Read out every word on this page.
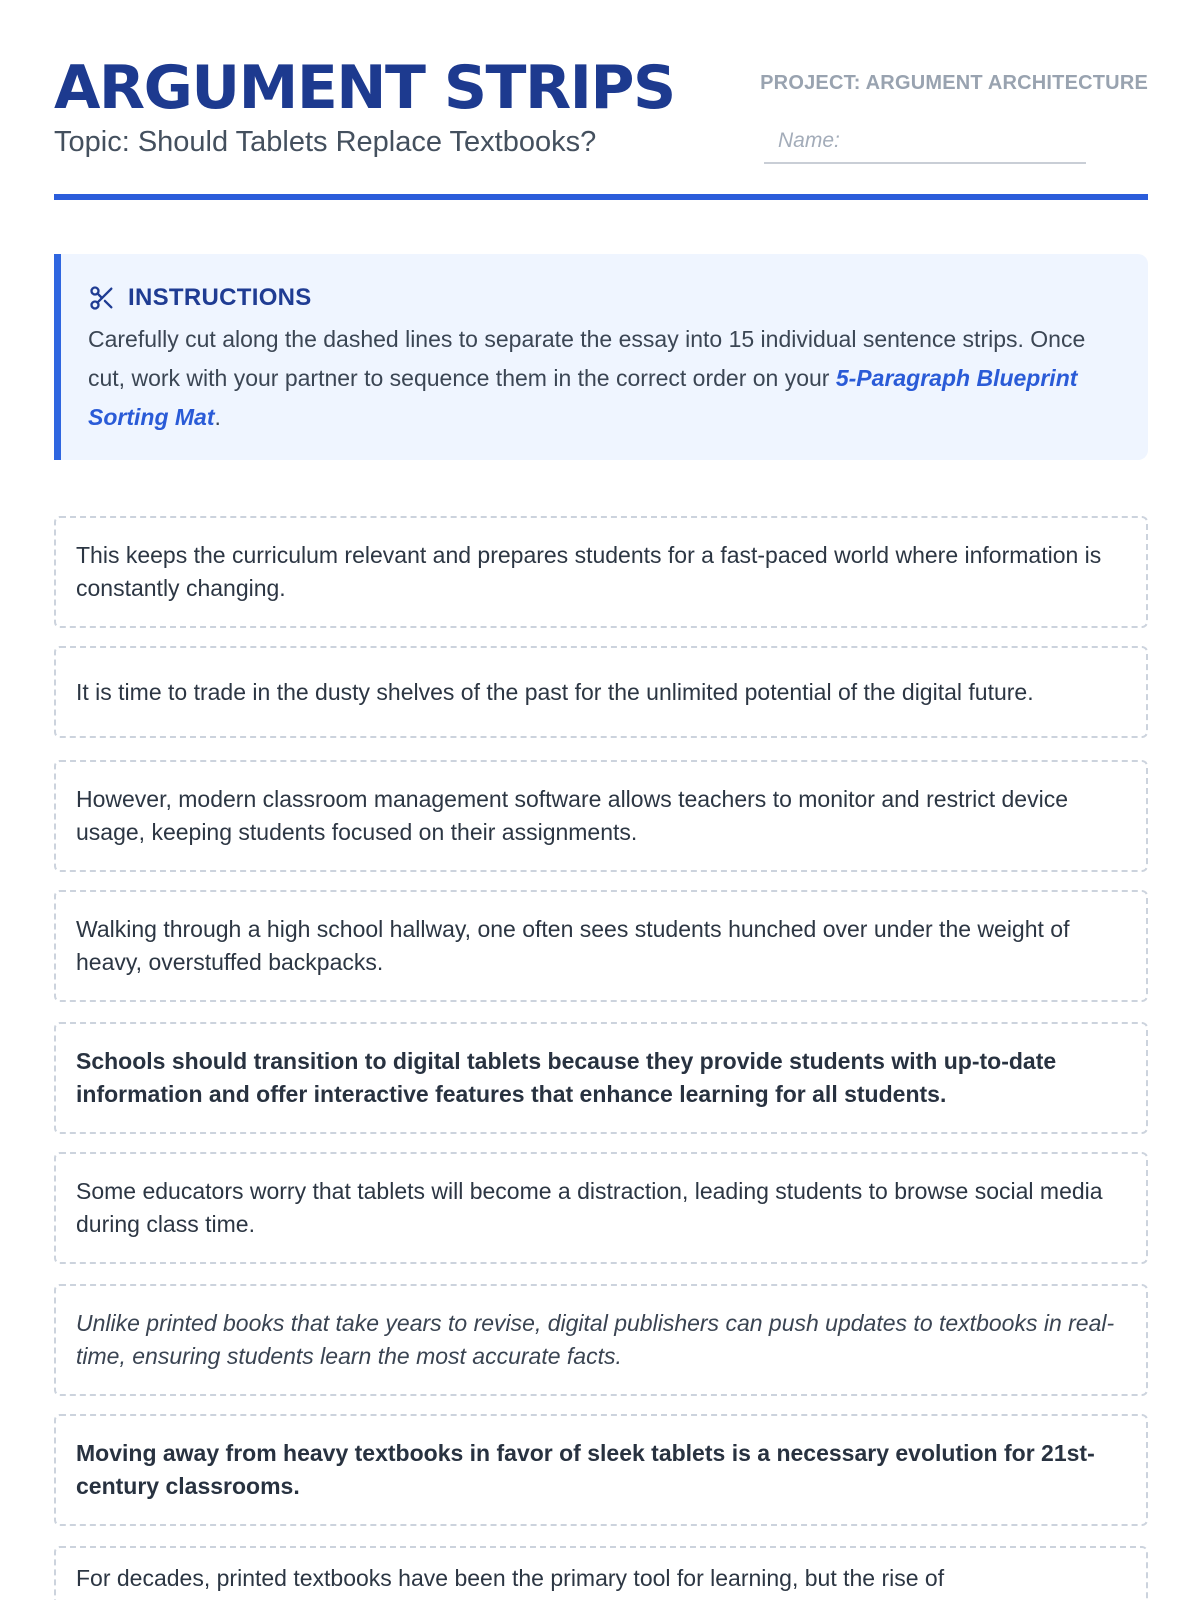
ARGUMENT STRIPS
Topic: Should Tablets Replace Textbooks?
PROJECT: ARGUMENT ARCHITECTURE
Name:
INSTRUCTIONS

Carefully cut along the dashed lines to separate the essay into 15 individual sentence strips. Once cut, work with your partner to sequence them in the correct order on your 5-Paragraph Blueprint Sorting Mat.

This keeps the curriculum relevant and prepares students for a fast-paced world where information is constantly changing.
It is time to trade in the dusty shelves of the past for the unlimited potential of the digital future.
However, modern classroom management software allows teachers to monitor and restrict device usage, keeping students focused on their assignments.
Walking through a high school hallway, one often sees students hunched over under the weight of heavy, overstuffed backpacks.
Schools should transition to digital tablets because they provide students with up-to-date information and offer interactive features that enhance learning for all students.
Some educators worry that tablets will become a distraction, leading students to browse social media during class time.
Unlike printed books that take years to revise, digital publishers can push updates to textbooks in real-time, ensuring students learn the most accurate facts.
Moving away from heavy textbooks in favor of sleek tablets is a necessary evolution for 21st-century classrooms.
For decades, printed textbooks have been the primary tool for learning, but the rise of
